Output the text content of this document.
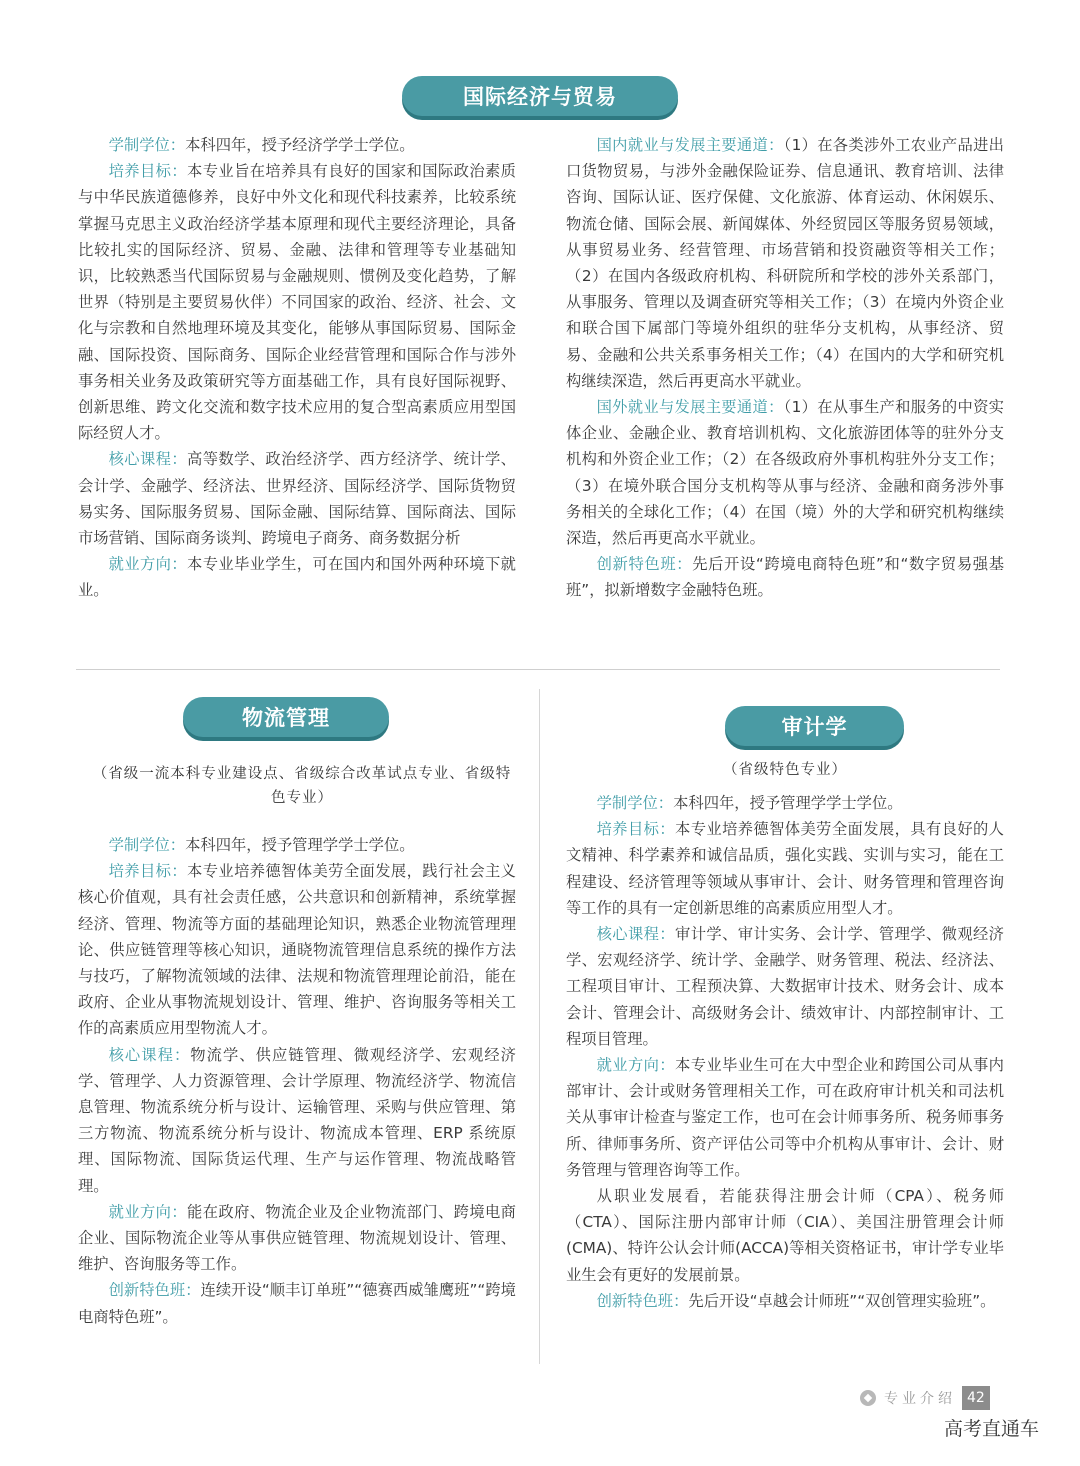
国际经济与贸易

学制学位：本科四年，授予经济学学士学位。

培养目标：本专业旨在培养具有良好的国家和国际政治素质与中华民族道德修养，良好中外文化和现代科技素养，比较系统掌握马克思主义政治经济学基本原理和现代主要经济理论，具备比较扎实的国际经济、贸易、金融、法律和管理等专业基础知识，比较熟悉当代国际贸易与金融规则、惯例及变化趋势，了解世界（特别是主要贸易伙伴）不同国家的政治、经济、社会、文化与宗教和自然地理环境及其变化，能够从事国际贸易、国际金融、国际投资、国际商务、国际企业经营管理和国际合作与涉外事务相关业务及政策研究等方面基础工作，具有良好国际视野、创新思维、跨文化交流和数字技术应用的复合型高素质应用型国际经贸人才。

核心课程：高等数学、政治经济学、西方经济学、统计学、会计学、金融学、经济法、世界经济、国际经济学、国际货物贸易实务、国际服务贸易、国际金融、国际结算、国际商法、国际市场营销、国际商务谈判、跨境电子商务、商务数据分析

就业方向：本专业毕业学生，可在国内和国外两种环境下就业。

国内就业与发展主要通道：（1）在各类涉外工农业产品进出口货物贸易，与涉外金融保险证券、信息通讯、教育培训、法律咨询、国际认证、医疗保健、文化旅游、体育运动、休闲娱乐、物流仓储、国际会展、新闻媒体、外经贸园区等服务贸易领域，从事贸易业务、经营管理、市场营销和投资融资等相关工作；（2）在国内各级政府机构、科研院所和学校的涉外关系部门，从事服务、管理以及调查研究等相关工作；（3）在境内外资企业和联合国下属部门等境外组织的驻华分支机构，从事经济、贸易、金融和公共关系事务相关工作；（4）在国内的大学和研究机构继续深造，然后再更高水平就业。

国外就业与发展主要通道：（1）在从事生产和服务的中资实体企业、金融企业、教育培训机构、文化旅游团体等的驻外分支机构和外资企业工作；（2）在各级政府外事机构驻外分支工作；（3）在境外联合国分支机构等从事与经济、金融和商务涉外事务相关的全球化工作；（4）在国（境）外的大学和研究机构继续深造，然后再更高水平就业。

创新特色班：先后开设“跨境电商特色班”和“数字贸易强基班”，拟新增数字金融特色班。

物流管理
（省级一流本科专业建设点、省级综合改革试点专业、省级特色专业）

学制学位：本科四年，授予管理学学士学位。

培养目标：本专业培养德智体美劳全面发展，践行社会主义核心价值观，具有社会责任感，公共意识和创新精神，系统掌握经济、管理、物流等方面的基础理论知识，熟悉企业物流管理理论、供应链管理等核心知识，通晓物流管理信息系统的操作方法与技巧，了解物流领域的法律、法规和物流管理理论前沿，能在政府、企业从事物流规划设计、管理、维护、咨询服务等相关工作的高素质应用型物流人才。

核心课程：物流学、供应链管理、微观经济学、宏观经济学、管理学、人力资源管理、会计学原理、物流经济学、物流信息管理、物流系统分析与设计、运输管理、采购与供应管理、第三方物流、物流系统分析与设计、物流成本管理、ERP 系统原理、国际物流、国际货运代理、生产与运作管理、物流战略管理。

就业方向：能在政府、物流企业及企业物流部门、跨境电商企业、国际物流企业等从事供应链管理、物流规划设计、管理、维护、咨询服务等工作。

创新特色班：连续开设“顺丰订单班”“德赛西威雏鹰班”“跨境电商特色班”。

审计学
（省级特色专业）

学制学位：本科四年，授予管理学学士学位。

培养目标：本专业培养德智体美劳全面发展，具有良好的人文精神、科学素养和诚信品质，强化实践、实训与实习，能在工程建设、经济管理等领域从事审计、会计、财务管理和管理咨询等工作的具有一定创新思维的高素质应用型人才。

核心课程：审计学、审计实务、会计学、管理学、微观经济学、宏观经济学、统计学、金融学、财务管理、税法、经济法、工程项目审计、工程预决算、大数据审计技术、财务会计、成本会计、管理会计、高级财务会计、绩效审计、内部控制审计、工程项目管理。

就业方向：本专业毕业生可在大中型企业和跨国公司从事内部审计、会计或财务管理相关工作，可在政府审计机关和司法机关从事审计检查与鉴定工作，也可在会计师事务所、税务师事务所、律师事务所、资产评估公司等中介机构从事审计、会计、财务管理与管理咨询等工作。

从职业发展看，若能获得注册会计师（CPA）、税务师（CTA）、国际注册内部审计师（CIA）、美国注册管理会计师(CMA)、特许公认会计师(ACCA)等相关资格证书，审计学专业毕业生会有更好的发展前景。

创新特色班：先后开设“卓越会计师班”“双创管理实验班”。

专业介绍 42
高考直通车
